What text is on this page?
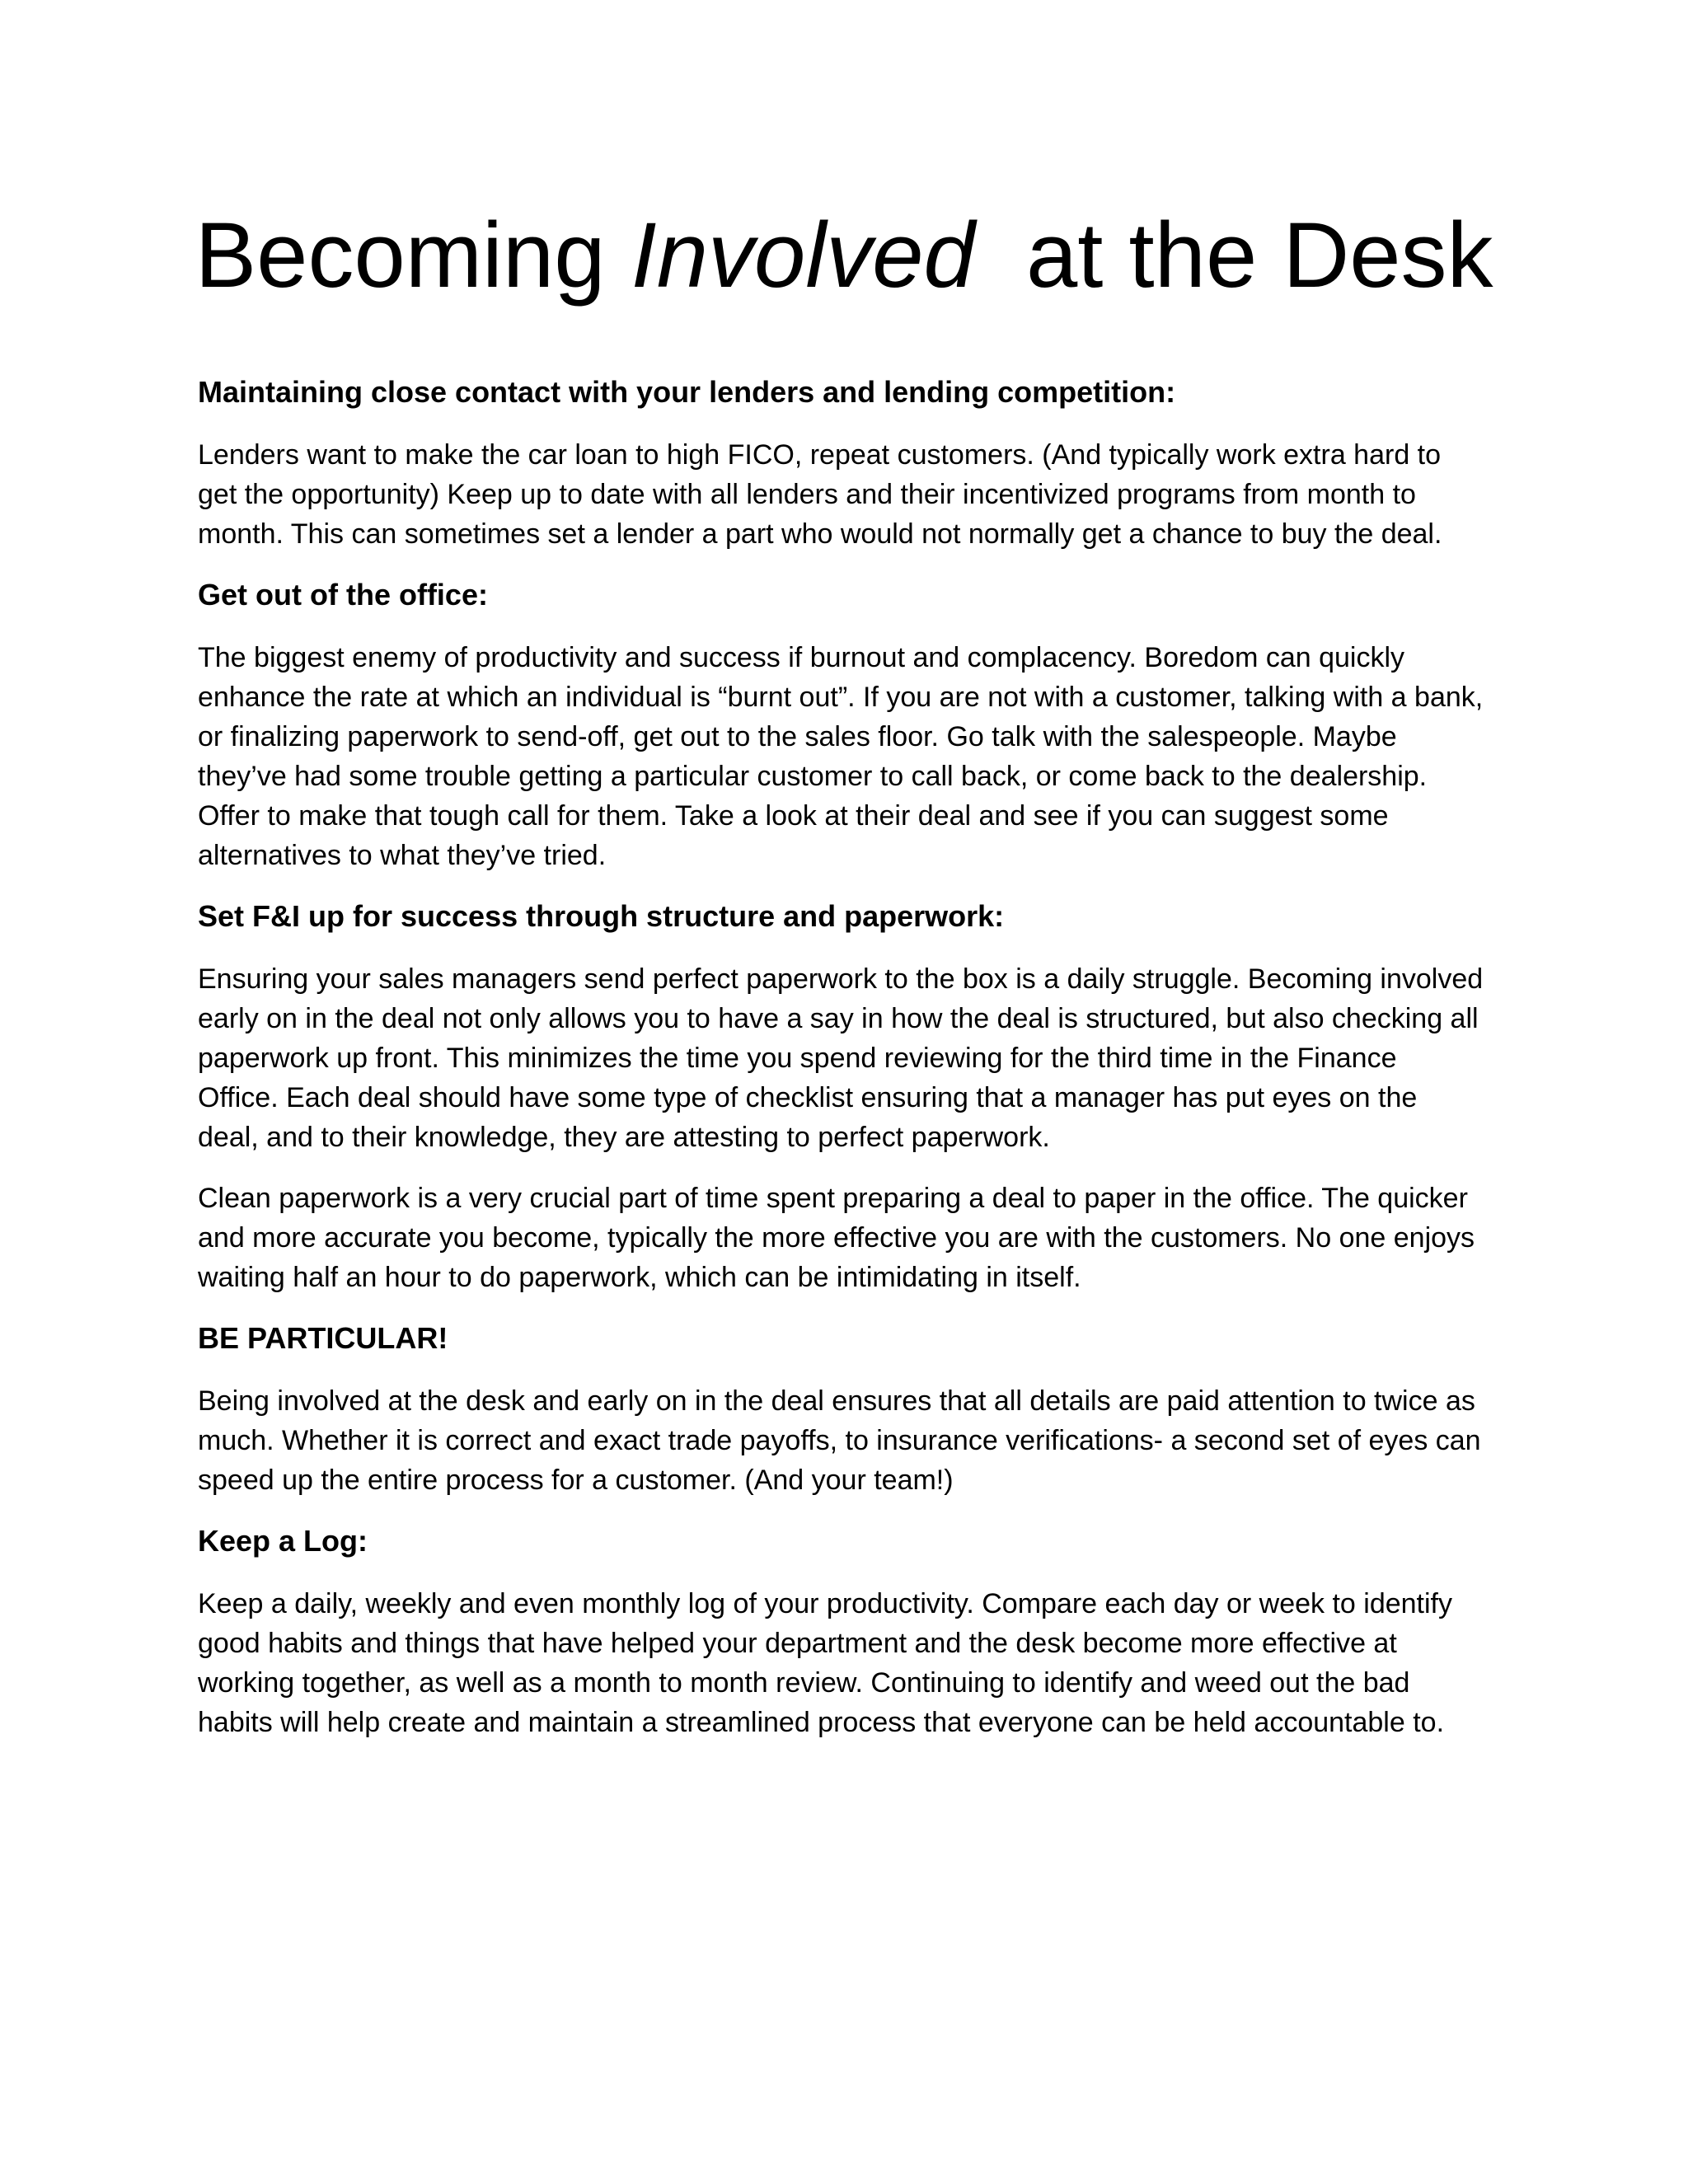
Becoming Involved at the Desk

Maintaining close contact with your lenders and lending competition:

Lenders want to make the car loan to high FICO, repeat customers. (And typically work extra hard to get the opportunity) Keep up to date with all lenders and their incentivized programs from month to month. This can sometimes set a lender a part who would not normally get a chance to buy the deal.

Get out of the office:

The biggest enemy of productivity and success if burnout and complacency. Boredom can quickly enhance the rate at which an individual is “burnt out”. If you are not with a customer, talking with a bank, or finalizing paperwork to send-off, get out to the sales floor. Go talk with the salespeople. Maybe they’ve had some trouble getting a particular customer to call back, or come back to the dealership. Offer to make that tough call for them. Take a look at their deal and see if you can suggest some alternatives to what they’ve tried.

Set F&I up for success through structure and paperwork:

Ensuring your sales managers send perfect paperwork to the box is a daily struggle. Becoming involved early on in the deal not only allows you to have a say in how the deal is structured, but also checking all paperwork up front. This minimizes the time you spend reviewing for the third time in the Finance Office. Each deal should have some type of checklist ensuring that a manager has put eyes on the deal, and to their knowledge, they are attesting to perfect paperwork.

Clean paperwork is a very crucial part of time spent preparing a deal to paper in the office. The quicker and more accurate you become, typically the more effective you are with the customers. No one enjoys waiting half an hour to do paperwork, which can be intimidating in itself.

BE PARTICULAR!

Being involved at the desk and early on in the deal ensures that all details are paid attention to twice as much. Whether it is correct and exact trade payoffs, to insurance verifications- a second set of eyes can speed up the entire process for a customer. (And your team!)

Keep a Log:

Keep a daily, weekly and even monthly log of your productivity. Compare each day or week to identify good habits and things that have helped your department and the desk become more effective at working together, as well as a month to month review. Continuing to identify and weed out the bad habits will help create and maintain a streamlined process that everyone can be held accountable to.
